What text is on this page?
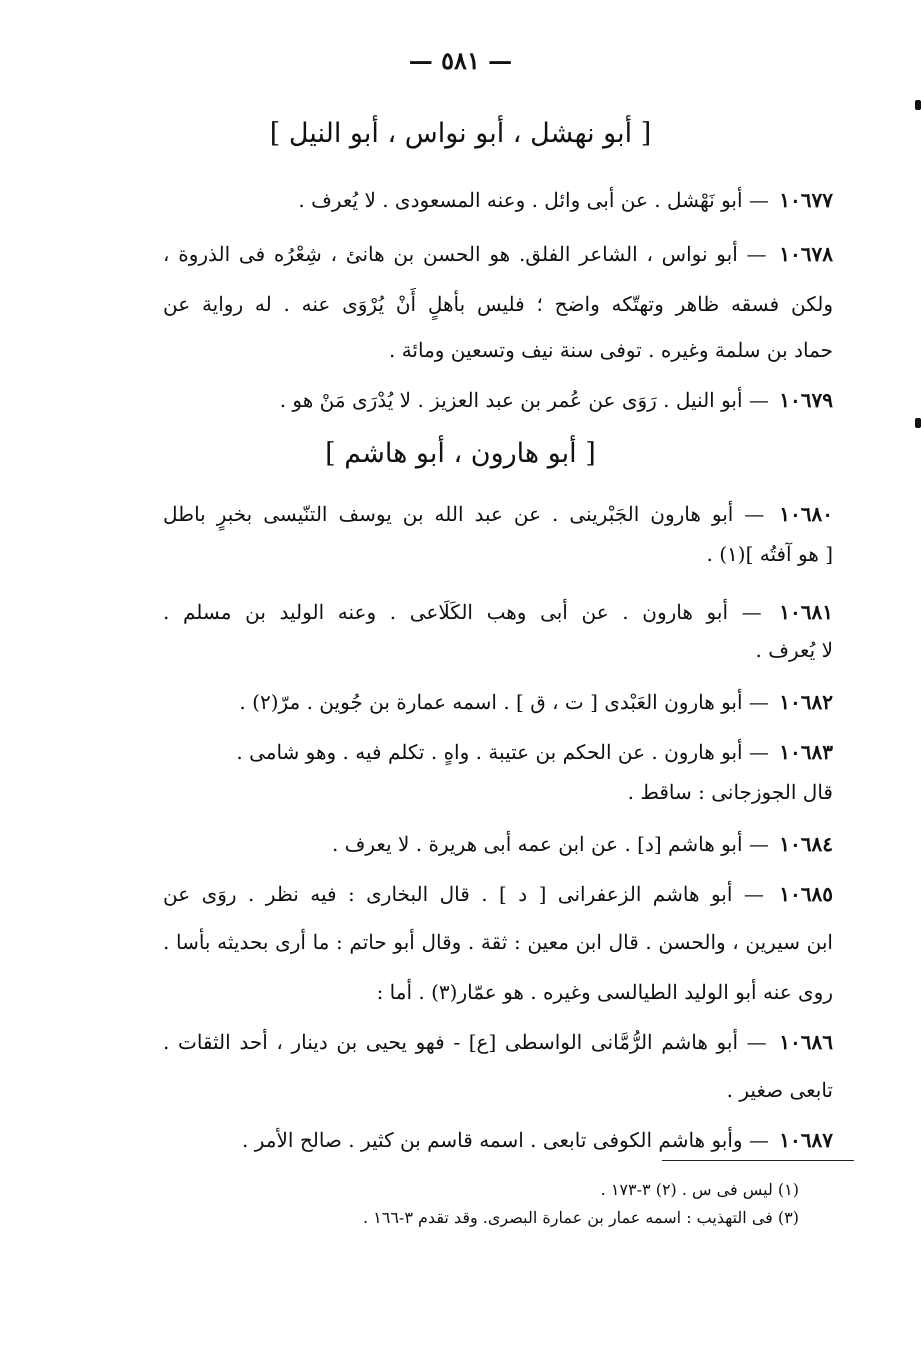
— ٥٨١ —
[ أبو نهشل ، أبو نواس ، أبو النيل ]
١٠٦٧٧ — أبو نَهْشل . عن أبى وائل . وعنه المسعودى . لا يُعرف .
١٠٦٧٨ — أبو نواس ، الشاعر الفلق. هو الحسن بن هانئ ، شِعْرُه فى الذروة ،
ولكن فسقه ظاهر وتهتّكه واضح ؛ فليس بأهلٍ أَنْ يُرْوَى عنه . له رواية عن
حماد بن سلمة وغيره . توفى سنة نيف وتسعين ومائة .
١٠٦٧٩ — أبو النيل . رَوَى عن عُمر بن عبد العزيز . لا يُدْرَى مَنْ هو .
[ أبو هارون ، أبو هاشم ]
١٠٦٨٠ — أبو هارون الجَبْرينى . عن عبد الله بن يوسف التنّيسى بخبرٍ باطل
[ هو آفتُه ](١) .
١٠٦٨١ — أبو هارون . عن أبى وهب الكَلَاعى . وعنه الوليد بن مسلم .
لا يُعرف .
١٠٦٨٢ — أبو هارون العَبْدى [ ت ، ق ] . اسمه عمارة بن جُوين . مرّ(٢) .
١٠٦٨٣ — أبو هارون . عن الحكم بن عتيبة . واهٍ . تكلم فيه . وهو شامى .
قال الجوزجانى : ساقط .
١٠٦٨٤ — أبو هاشم [د] . عن ابن عمه أبى هريرة . لا يعرف .
١٠٦٨٥ — أبو هاشم الزعفرانى [ د ] . قال البخارى : فيه نظر . روَى عن
ابن سيرين ، والحسن . قال ابن معين : ثقة . وقال أبو حاتم : ما أرى بحديثه بأسا .
روى عنه أبو الوليد الطيالسى وغيره . هو عمّار(٣) . أما :
١٠٦٨٦ — أبو هاشم الرُّمَّانى الواسطى [ع] - فهو يحيى بن دينار ، أحد الثقات .
تابعى صغير .
١٠٦٨٧ — وأبو هاشم الكوفى تابعى . اسمه قاسم بن كثير . صالح الأمر .
(١) ليس فى س . (٢) ٣-١٧٣ .
(٣) فى التهذيب : اسمه عمار بن عمارة البصرى. وقد تقدم ٣-١٦٦ .
